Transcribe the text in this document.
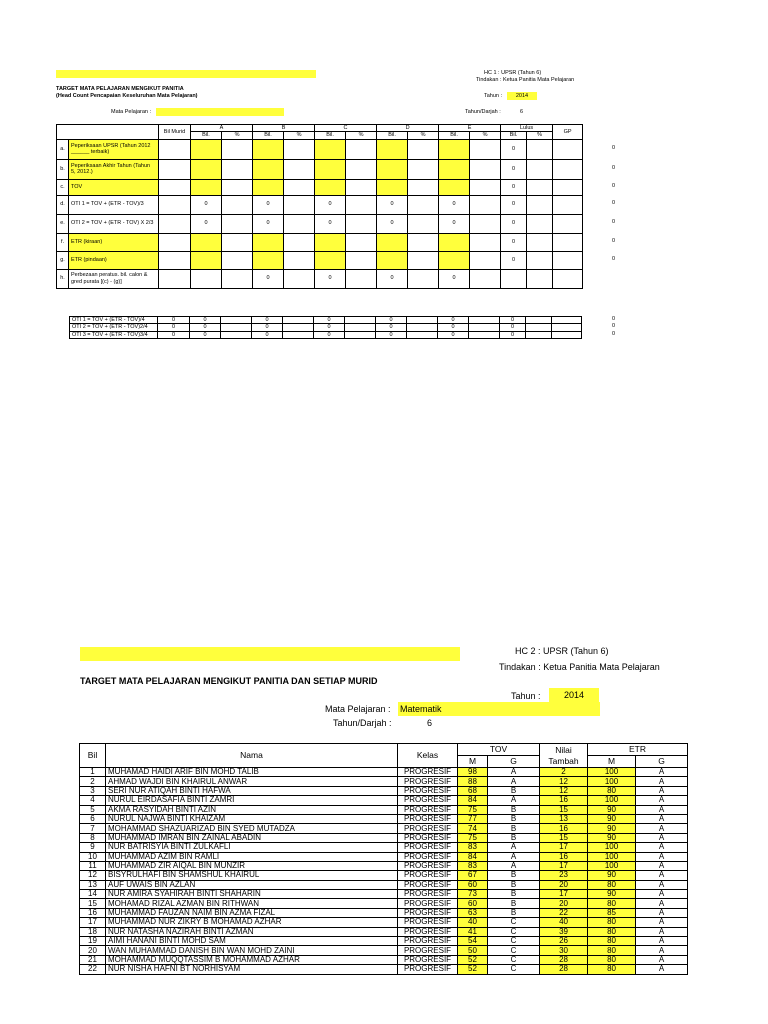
HC 1 : UPSR (Tahun 6)
Tindakan : Ketua Panitia Mata Pelajaran
TARGET MATA PELAJARAN MENGIKUT PANITIA
(Head Count Pencapaian Keseluruhan Mata Pelajaran)	Tahun :	2014
Mata Pelajaran :	Tahun/Darjah :	6
		Bil Murid	A		B		C		D		E		Lulus		GP
			Bil.	%	Bil.	%	Bil.	%	Bil.	%	Bil.	%	Bil.	%	
a.	Peperiksaan UPSR (Tahun 2012 ______ terbaik)												0		
b.	Peperiksaan Akhir Tahun (Tahun 5, 2012.)												0		
c.	TOV												0		
d.	OTI 1 = TOV + (ETR - TOV)/3		0		0		0		0		0		0		
e.	OTI 2 = TOV + (ETR - TOV) X 2/3		0		0		0		0		0		0		
f.	ETR (kiraan)												0		
g.	ETR (pindaan)												0		
h.	Perbezaan peratus. bil. calon & gred purata [(c) - (g)]				0		0		0		0				
0
0
0
0
0
0
0
OTI 1 = TOV + (ETR - TOV)/4	0	0		0		0		0		0		0		
OTI 2 = TOV + (ETR - TOV)2/4	0	0		0		0		0		0		0		
OTI 3 = TOV + (ETR - TOV)3/4	0	0		0		0		0		0		0		
HC 2 : UPSR (Tahun 6)
Tindakan : Ketua Panitia Mata Pelajaran
TARGET MATA PELAJARAN MENGIKUT PANITIA DAN SETIAP MURID
Tahun :	2014
Mata Pelajaran : Matematik
Tahun/Darjah :	6
Bil	Nama	Kelas	TOV		Nilai	ETR	
			M	G	Tambah	M	G
1	MUHAMAD HAIDI ARIF BIN MOHD TALIB	PROGRESIF	98	A	2	100	A
2	AHMAD WAJDI BIN KHAIRUL ANWAR	PROGRESIF	88	A	12	100	A
3	SERI NUR ATIQAH BINTI HAFWA	PROGRESIF	68	B	12	80	A
4	NURUL EIRDASAFIA BINTI ZAMRI	PROGRESIF	84	A	16	100	A
5	AKMA RASYIDAH BINTI AZIN	PROGRESIF	75	B	15	90	A
6	NURUL NAJWA BINTI KHAIZAM	PROGRESIF	77	B	13	90	A
7	MOHAMMAD SHAZUARIZAD BIN SYED MUTADZA	PROGRESIF	74	B	16	90	A
8	MUHAMMAD IMRAN BIN ZAINAL ABADIN	PROGRESIF	75	B	15	90	A
9	NUR BATRISYIA BINTI ZULKAFLI	PROGRESIF	83	A	17	100	A
10	MUHAMMAD AZIM BIN RAMLI	PROGRESIF	84	A	16	100	A
11	MUHAMMAD ZIR AIQAL BIN MUNZIR	PROGRESIF	83	A	17	100	A
12	BISYRULHAFI BIN SHAMSHUL KHAIRUL	PROGRESIF	67	B	23	90	A
13	AUF UWAIS BIN AZLAN	PROGRESIF	60	B	20	80	A
14	NUR AMIRA SYAHIRAH BINTI SHAHARIN	PROGRESIF	73	B	17	90	A
15	MOHAMAD RIZAL AZMAN BIN RITHWAN	PROGRESIF	60	B	20	80	A
16	MUHAMMAD FAUZAN NAIM BIN AZMA FIZAL	PROGRESIF	63	B	22	85	A
17	MUHAMMAD NUR ZIKRY B MOHAMAD AZHAR	PROGRESIF	40	C	40	80	A
18	NUR NATASHA NAZIRAH BINTI AZMAN	PROGRESIF	41	C	39	80	A
19	AIMI HANANI BINTI MOHD SAM	PROGRESIF	54	C	26	80	A
20	WAN MUHAMMAD DANISH BIN WAN MOHD ZAINI	PROGRESIF	50	C	30	80	A
21	MOHAMMAD MUQQTASSIM B MOHAMMAD AZHAR	PROGRESIF	52	C	28	80	A
22	NUR NISHA HAFNI BT NORHISYAM	PROGRESIF	52	C	28	80	A
0
0
0
